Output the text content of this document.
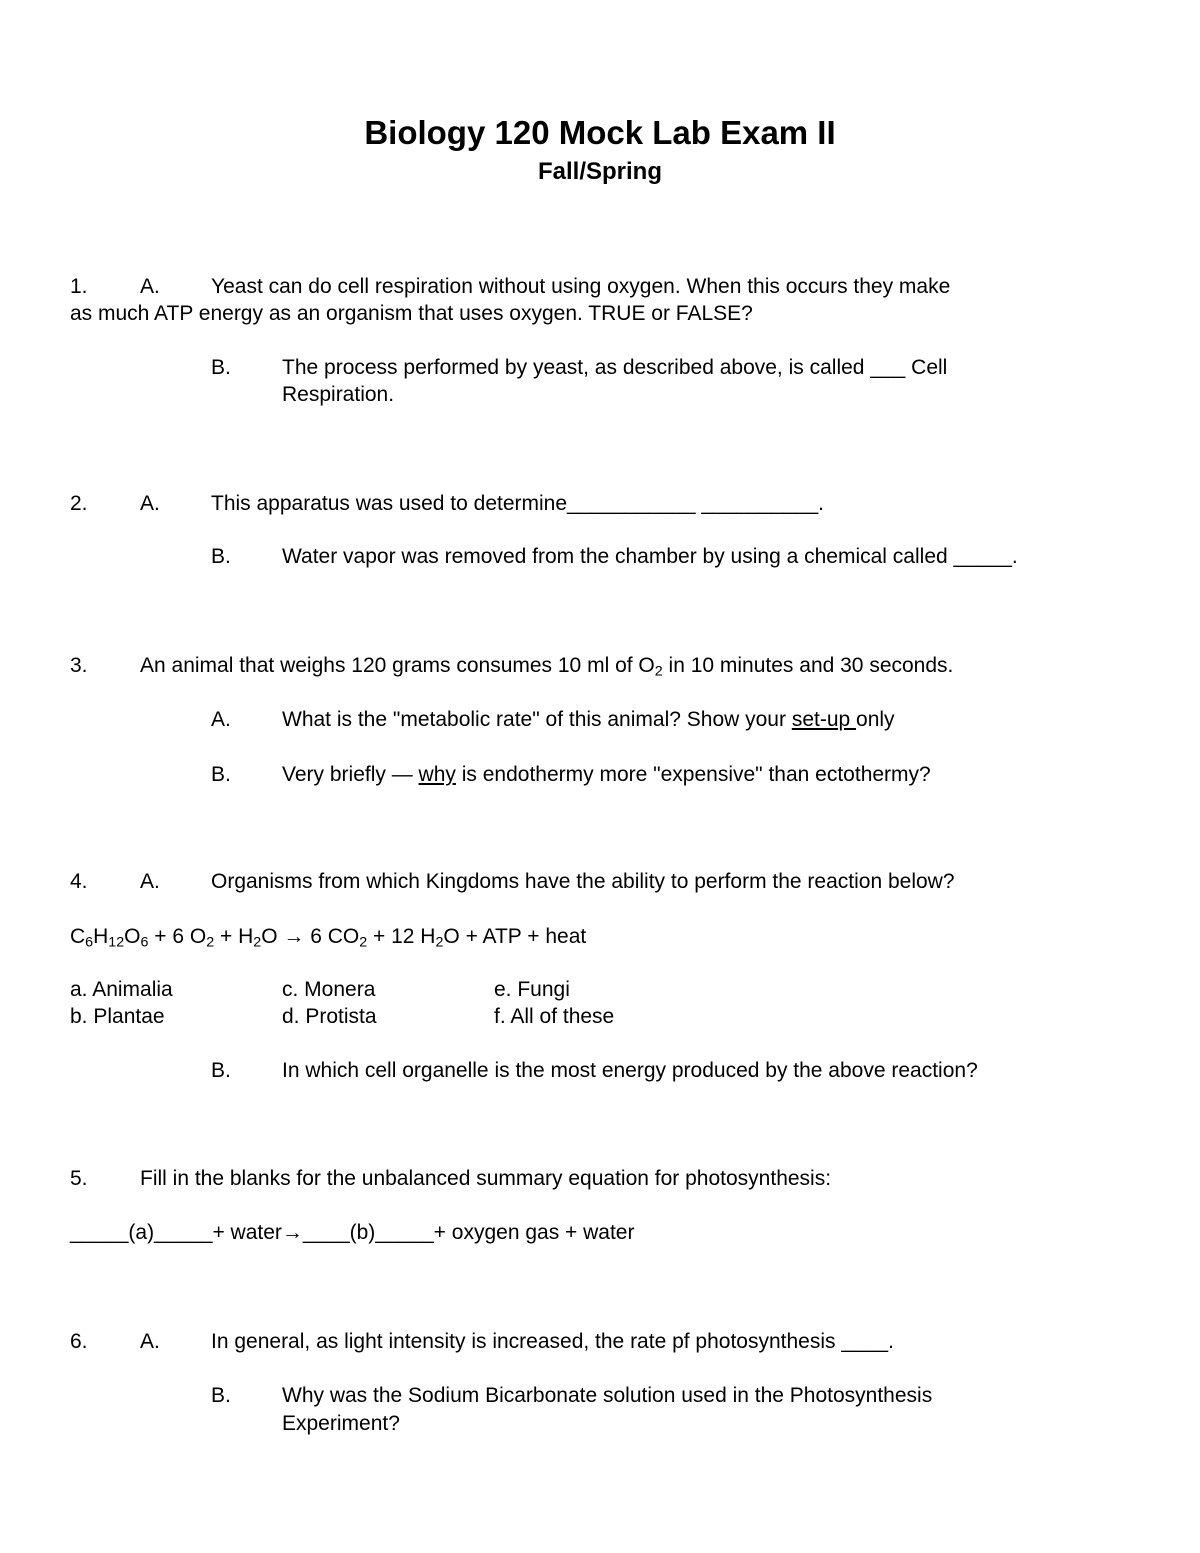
Biology 120 Mock Lab Exam II
Fall/Spring
1. A. Yeast can do cell respiration without using oxygen. When this occurs they make
as much ATP energy as an organism that uses oxygen. TRUE or FALSE?
B. The process performed by yeast, as described above, is called ___ Cell
Respiration.
2. A. This apparatus was used to determine___________ __________.
B. Water vapor was removed from the chamber by using a chemical called _____.
3. An animal that weighs 120 grams consumes 10 ml of $O_2$ in 10 minutes and 30 seconds.
A. What is the "metabolic rate" of this animal? Show your set-up only
B. Very briefly — why is endothermy more "expensive" than ectothermy?
4. A. Organisms from which Kingdoms have the ability to perform the reaction below?
$C_6H_{12}O_6 + 6$ $O_2 + H_2O \to 6$ $CO_2 + 12$ $H_2O$ + ATP + heat
a. Animalia
b. Plantae
c. Monera
d. Protista
e. Fungi
f. All of these
B. In which cell organelle is the most energy produced by the above reaction?
5. Fill in the blanks for the unbalanced summary equation for photosynthesis:
_____(a)_____+ water→____(b)_____+ oxygen gas + water
6. A. In general, as light intensity is increased, the rate pf photosynthesis ____.
B. Why was the Sodium Bicarbonate solution used in the Photosynthesis
Experiment?
